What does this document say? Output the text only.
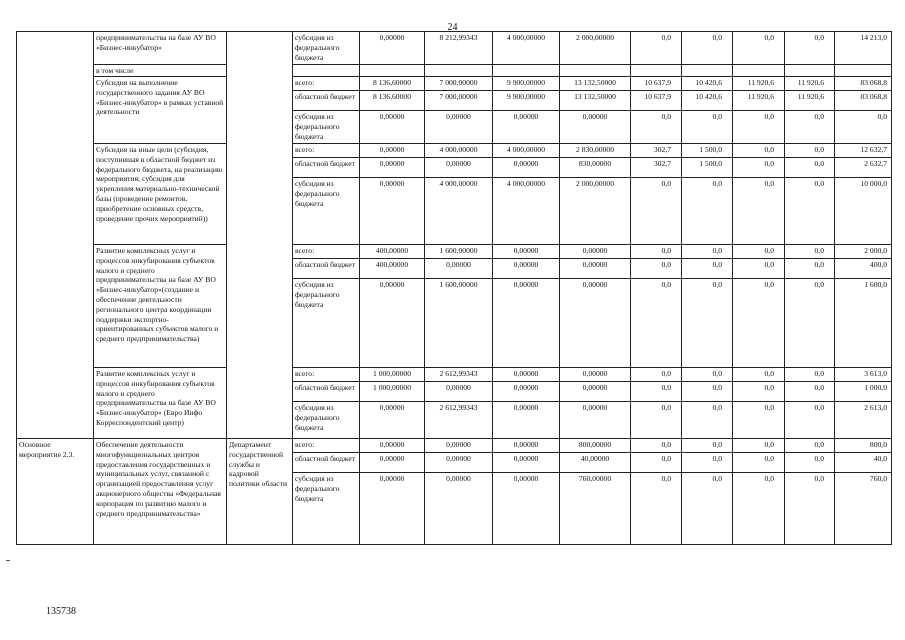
24
	предпринимательства на базе АУ ВО «Бизнес-инкубатор»		субсидия из федерального бюджета	0,00000	8 212,99343	4 000,00000	2 000,00000	0,0	0,0	0,0	0,0	14 213,0
	в том числе											
	Субсидия на выполнение государственного задания АУ ВО «Бизнес-инкубатор» в рамках уставной деятельности		всего:	8 136,60000	7 000,00000	9 900,00000	13 132,50000	10 637,9	10 420,6	11 920,6	11 920,6	83 068,8
			областной бюджет	8 136,60000	7 000,00000	9 900,00000	13 132,50000	10 637,9	10 420,6	11 920,6	11 920,6	83 068,8
			субсидия из федерального бюджета	0,00000	0,00000	0,00000	0,00000	0,0	0,0	0,0	0,0	0,0
	Субсидия на иные цели (субсидия, поступившая в областной бюджет из федерального бюджета, на реализацию мероприятия; субсидия для укрепления материально-технической базы (проведение ремонтов, приобретение основных средств, проведение прочих мероприятий))		всего:	0,00000	4 000,00000	4 000,00000	2 830,00000	302,7	1 500,0	0,0	0,0	12 632,7
			областной бюджет	0,00000	0,00000	0,00000	830,00000	302,7	1 500,0	0,0	0,0	2 632,7
			субсидия из федерального бюджета	0,00000	4 000,00000	4 000,00000	2 000,00000	0,0	0,0	0,0	0,0	10 000,0
	Развитие комплексных услуг и процессов инкубирования субъектов малого и среднего предпринимательства на базе АУ ВО «Бизнес-инкубатор»(создание и обеспечение деятельности регионального центра координации поддержки экспортно-ориентированных субъектов малого и среднего предпринимательства)		всего:	400,00000	1 600,00000	0,00000	0,00000	0,0	0,0	0,0	0,0	2 000,0
			областной бюджет	400,00000	0,00000	0,00000	0,00000	0,0	0,0	0,0	0,0	400,0
			субсидия из федерального бюджета	0,00000	1 600,00000	0,00000	0,00000	0,0	0,0	0,0	0,0	1 600,0
	Развитие комплексных услуг и процессов инкубирования субъектов малого и среднего предпринимательства на базе АУ ВО «Бизнес-инкубатор» (Евро Инфо Корреспондентский центр)		всего:	1 000,00000	2 612,99343	0,00000	0,00000	0,0	0,0	0,0	0,0	3 613,0
			областной бюджет	1 000,00000	0,00000	0,00000	0,00000	0,0	0,0	0,0	0,0	1 000,0
			субсидия из федерального бюджета	0,00000	2 612,99343	0,00000	0,00000	0,0	0,0	0,0	0,0	2 613,0
Основное мероприятие 2.3.	Обеспечение деятельности многофункциональных центров предоставления государственных и муниципальных услуг, связанной с организацией предоставления услуг акционерного общества «Федеральная корпорация по развитию малого и среднего предпринимательства»	Департамент государственной службы и кадровой политики области	всего:	0,00000	0,00000	0,00000	800,00000	0,0	0,0	0,0	0,0	800,0
			областной бюджет	0,00000	0,00000	0,00000	40,00000	0,0	0,0	0,0	0,0	40,0
			субсидия из федерального бюджета	0,00000	0,00000	0,00000	760,00000	0,0	0,0	0,0	0,0	760,0
135738
